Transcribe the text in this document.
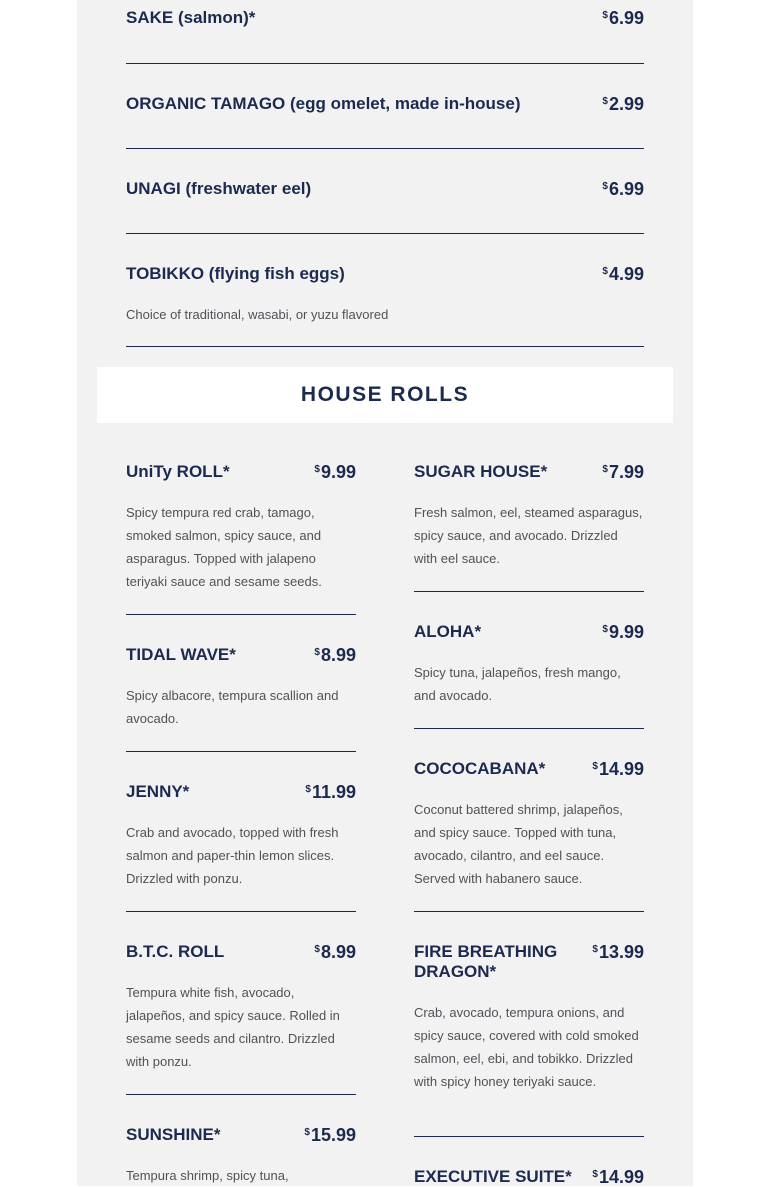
SAKE (salmon)*	$6.99
ORGANIC TAMAGO (egg omelet, made in-house)	$2.99
UNAGI (freshwater eel)	$6.99
TOBIKKO (flying fish eggs)	$4.99
Choice of traditional, wasabi, or yuzu flavored
HOUSE ROLLS
UniTy ROLL*	$9.99
Spicy tempura red crab, tamago, smoked salmon, spicy sauce, and asparagus. Topped with jalapeno teriyaki sauce and sesame seeds.
TIDAL WAVE*	$8.99
Spicy albacore, tempura scallion and avocado.
JENNY*	$11.99
Crab and avocado, topped with fresh salmon and paper-thin lemon slices. Drizzled with ponzu.
B.T.C. ROLL	$8.99
Tempura white fish, avocado, jalapeños, and spicy sauce. Rolled in sesame seeds and cilantro. Drizzled with ponzu.
SUNSHINE*	$15.99
Tempura shrimp, spicy tuna,
SUGAR HOUSE*	$7.99
Fresh salmon, eel, steamed asparagus, spicy sauce, and avocado. Drizzled with eel sauce.
ALOHA*	$9.99
Spicy tuna, jalapeños, fresh mango, and avocado.
COCOCABANA*	$14.99
Coconut battered shrimp, jalapeños, and spicy sauce. Topped with tuna, avocado, cilantro, and eel sauce. Served with habanero sauce.
FIRE BREATHING DRAGON*
$13.99
Crab, avocado, tempura onions, and spicy sauce, covered with cold smoked salmon, eel, ebi, and tobikko. Drizzled with spicy honey teriyaki sauce.
EXECUTIVE SUITE* $14.99
